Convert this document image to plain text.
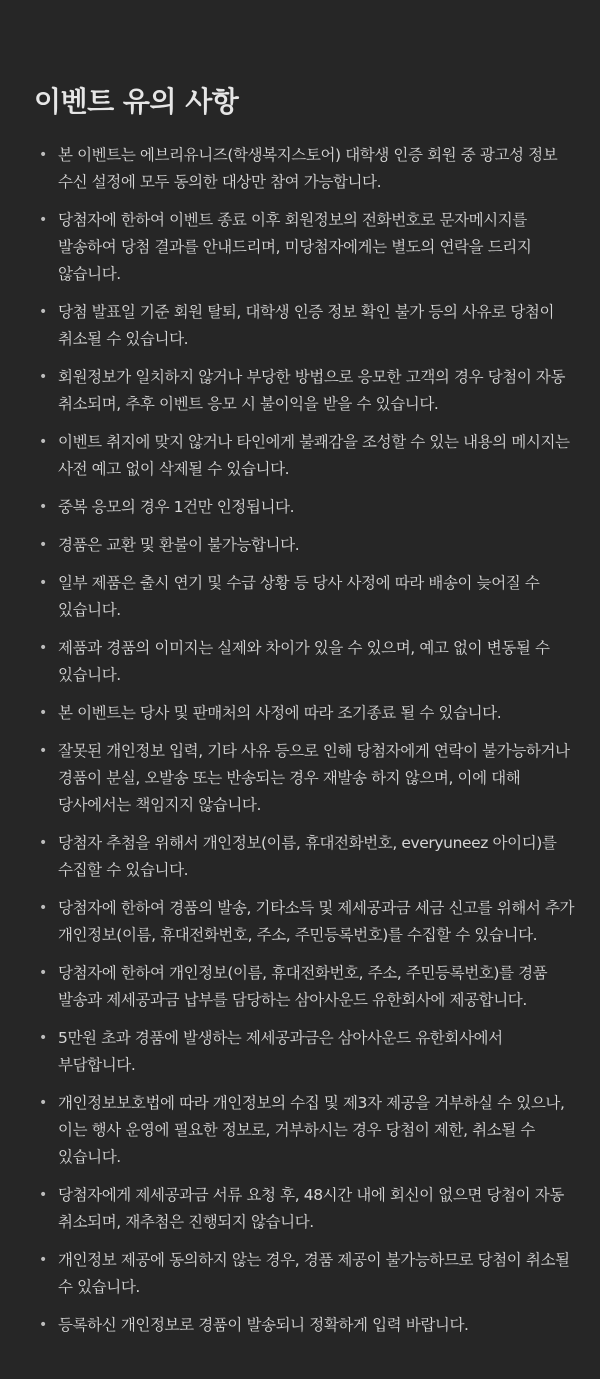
이벤트 유의 사항
• 본 이벤트는 에브리유니즈(학생복지스토어) 대학생 인증 회원 중 광고성 정보 수신 설정에 모두 동의한 대상만 참여 가능합니다.
• 당첨자에 한하여 이벤트 종료 이후 회원정보의 전화번호로 문자메시지를 발송하여 당첨 결과를 안내드리며, 미당첨자에게는 별도의 연락을 드리지 않습니다.
• 당첨 발표일 기준 회원 탈퇴, 대학생 인증 정보 확인 불가 등의 사유로 당첨이 취소될 수 있습니다.
• 회원정보가 일치하지 않거나 부당한 방법으로 응모한 고객의 경우 당첨이 자동 취소되며, 추후 이벤트 응모 시 불이익을 받을 수 있습니다.
• 이벤트 취지에 맞지 않거나 타인에게 불쾌감을 조성할 수 있는 내용의 메시지는 사전 예고 없이 삭제될 수 있습니다.
• 중복 응모의 경우 1건만 인정됩니다.
• 경품은 교환 및 환불이 불가능합니다.
• 일부 제품은 출시 연기 및 수급 상황 등 당사 사정에 따라 배송이 늦어질 수 있습니다.
• 제품과 경품의 이미지는 실제와 차이가 있을 수 있으며, 예고 없이 변동될 수 있습니다.
• 본 이벤트는 당사 및 판매처의 사정에 따라 조기종료 될 수 있습니다.
• 잘못된 개인정보 입력, 기타 사유 등으로 인해 당첨자에게 연락이 불가능하거나 경품이 분실, 오발송 또는 반송되는 경우 재발송 하지 않으며, 이에 대해 당사에서는 책임지지 않습니다.
• 당첨자 추첨을 위해서 개인정보(이름, 휴대전화번호, everyuneez 아이디)를 수집할 수 있습니다.
• 당첨자에 한하여 경품의 발송, 기타소득 및 제세공과금 세금 신고를 위해서 추가 개인정보(이름, 휴대전화번호, 주소, 주민등록번호)를 수집할 수 있습니다.
• 당첨자에 한하여 개인정보(이름, 휴대전화번호, 주소, 주민등록번호)를 경품 발송과 제세공과금 납부를 담당하는 삼아사운드 유한회사에 제공합니다.
• 5만원 초과 경품에 발생하는 제세공과금은 삼아사운드 유한회사에서 부담합니다.
• 개인정보보호법에 따라 개인정보의 수집 및 제3자 제공을 거부하실 수 있으나, 이는 행사 운영에 필요한 정보로, 거부하시는 경우 당첨이 제한, 취소될 수 있습니다.
• 당첨자에게 제세공과금 서류 요청 후, 48시간 내에 회신이 없으면 당첨이 자동 취소되며, 재추첨은 진행되지 않습니다.
• 개인정보 제공에 동의하지 않는 경우, 경품 제공이 불가능하므로 당첨이 취소될 수 있습니다.
• 등록하신 개인정보로 경품이 발송되니 정확하게 입력 바랍니다.
